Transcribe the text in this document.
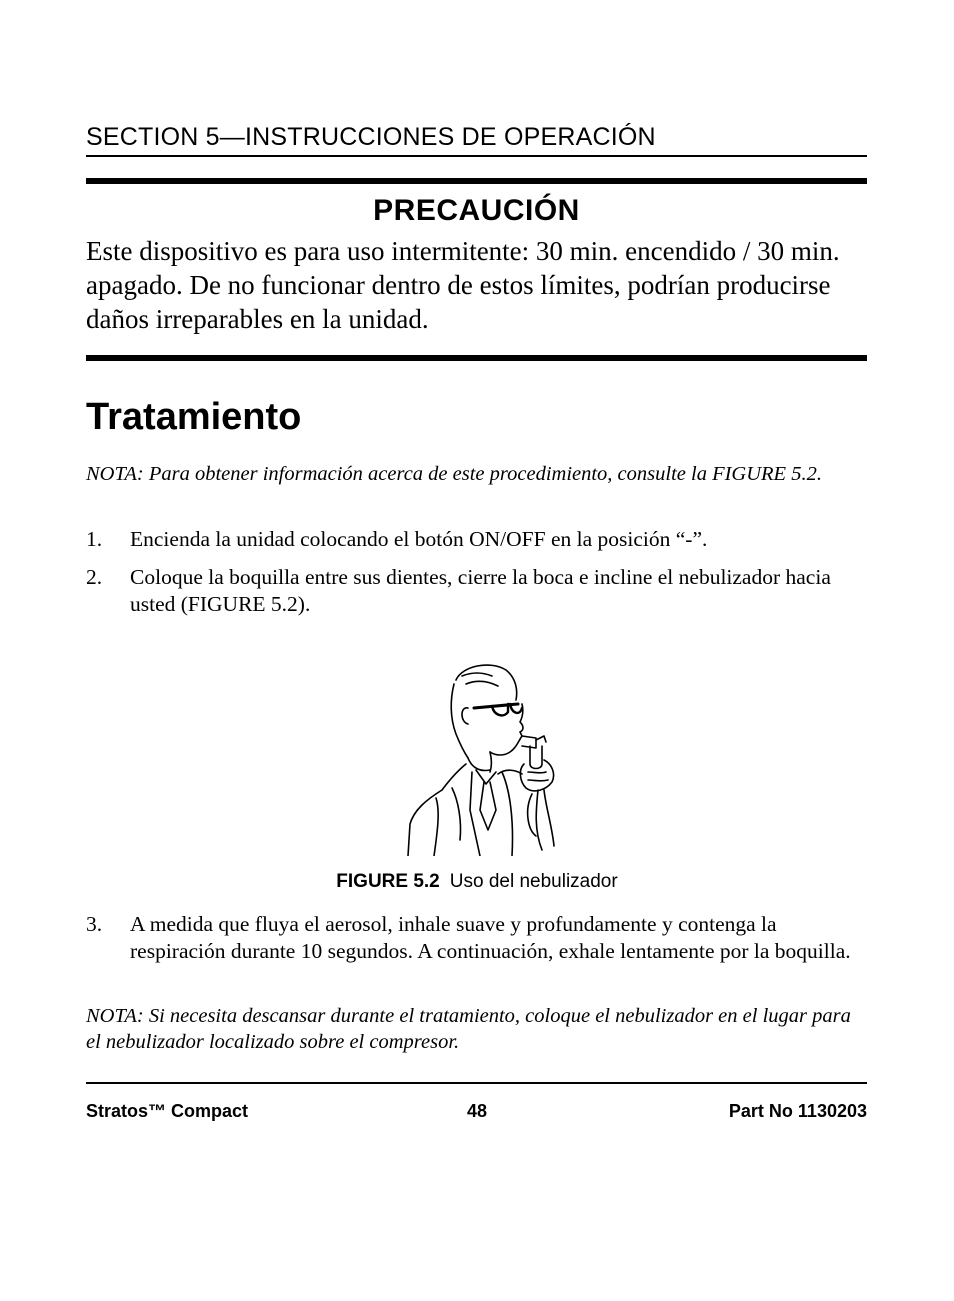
SECTION 5—INSTRUCCIONES DE OPERACIÓN
PRECAUCIÓN
Este dispositivo es para uso intermitente: 30 min. encendido / 30 min. apagado. De no funcionar dentro de estos límites, podrían producirse daños irreparables en la unidad.
Tratamiento
NOTA: Para obtener información acerca de este procedimiento, consulte la FIGURE 5.2.
1. Encienda la unidad colocando el botón ON/OFF en la posición “-”.
2. Coloque la boquilla entre sus dientes, cierre la boca e incline el nebulizador hacia usted (FIGURE 5.2).
FIGURE 5.2 Uso del nebulizador
3. A medida que fluya el aerosol, inhale suave y profundamente y contenga la respiración durante 10 segundos. A continuación, exhale lentamente por la boquilla.
NOTA: Si necesita descansar durante el tratamiento, coloque el nebulizador en el lugar para el nebulizador localizado sobre el compresor.
Stratos™ Compact	48	Part No 1130203
